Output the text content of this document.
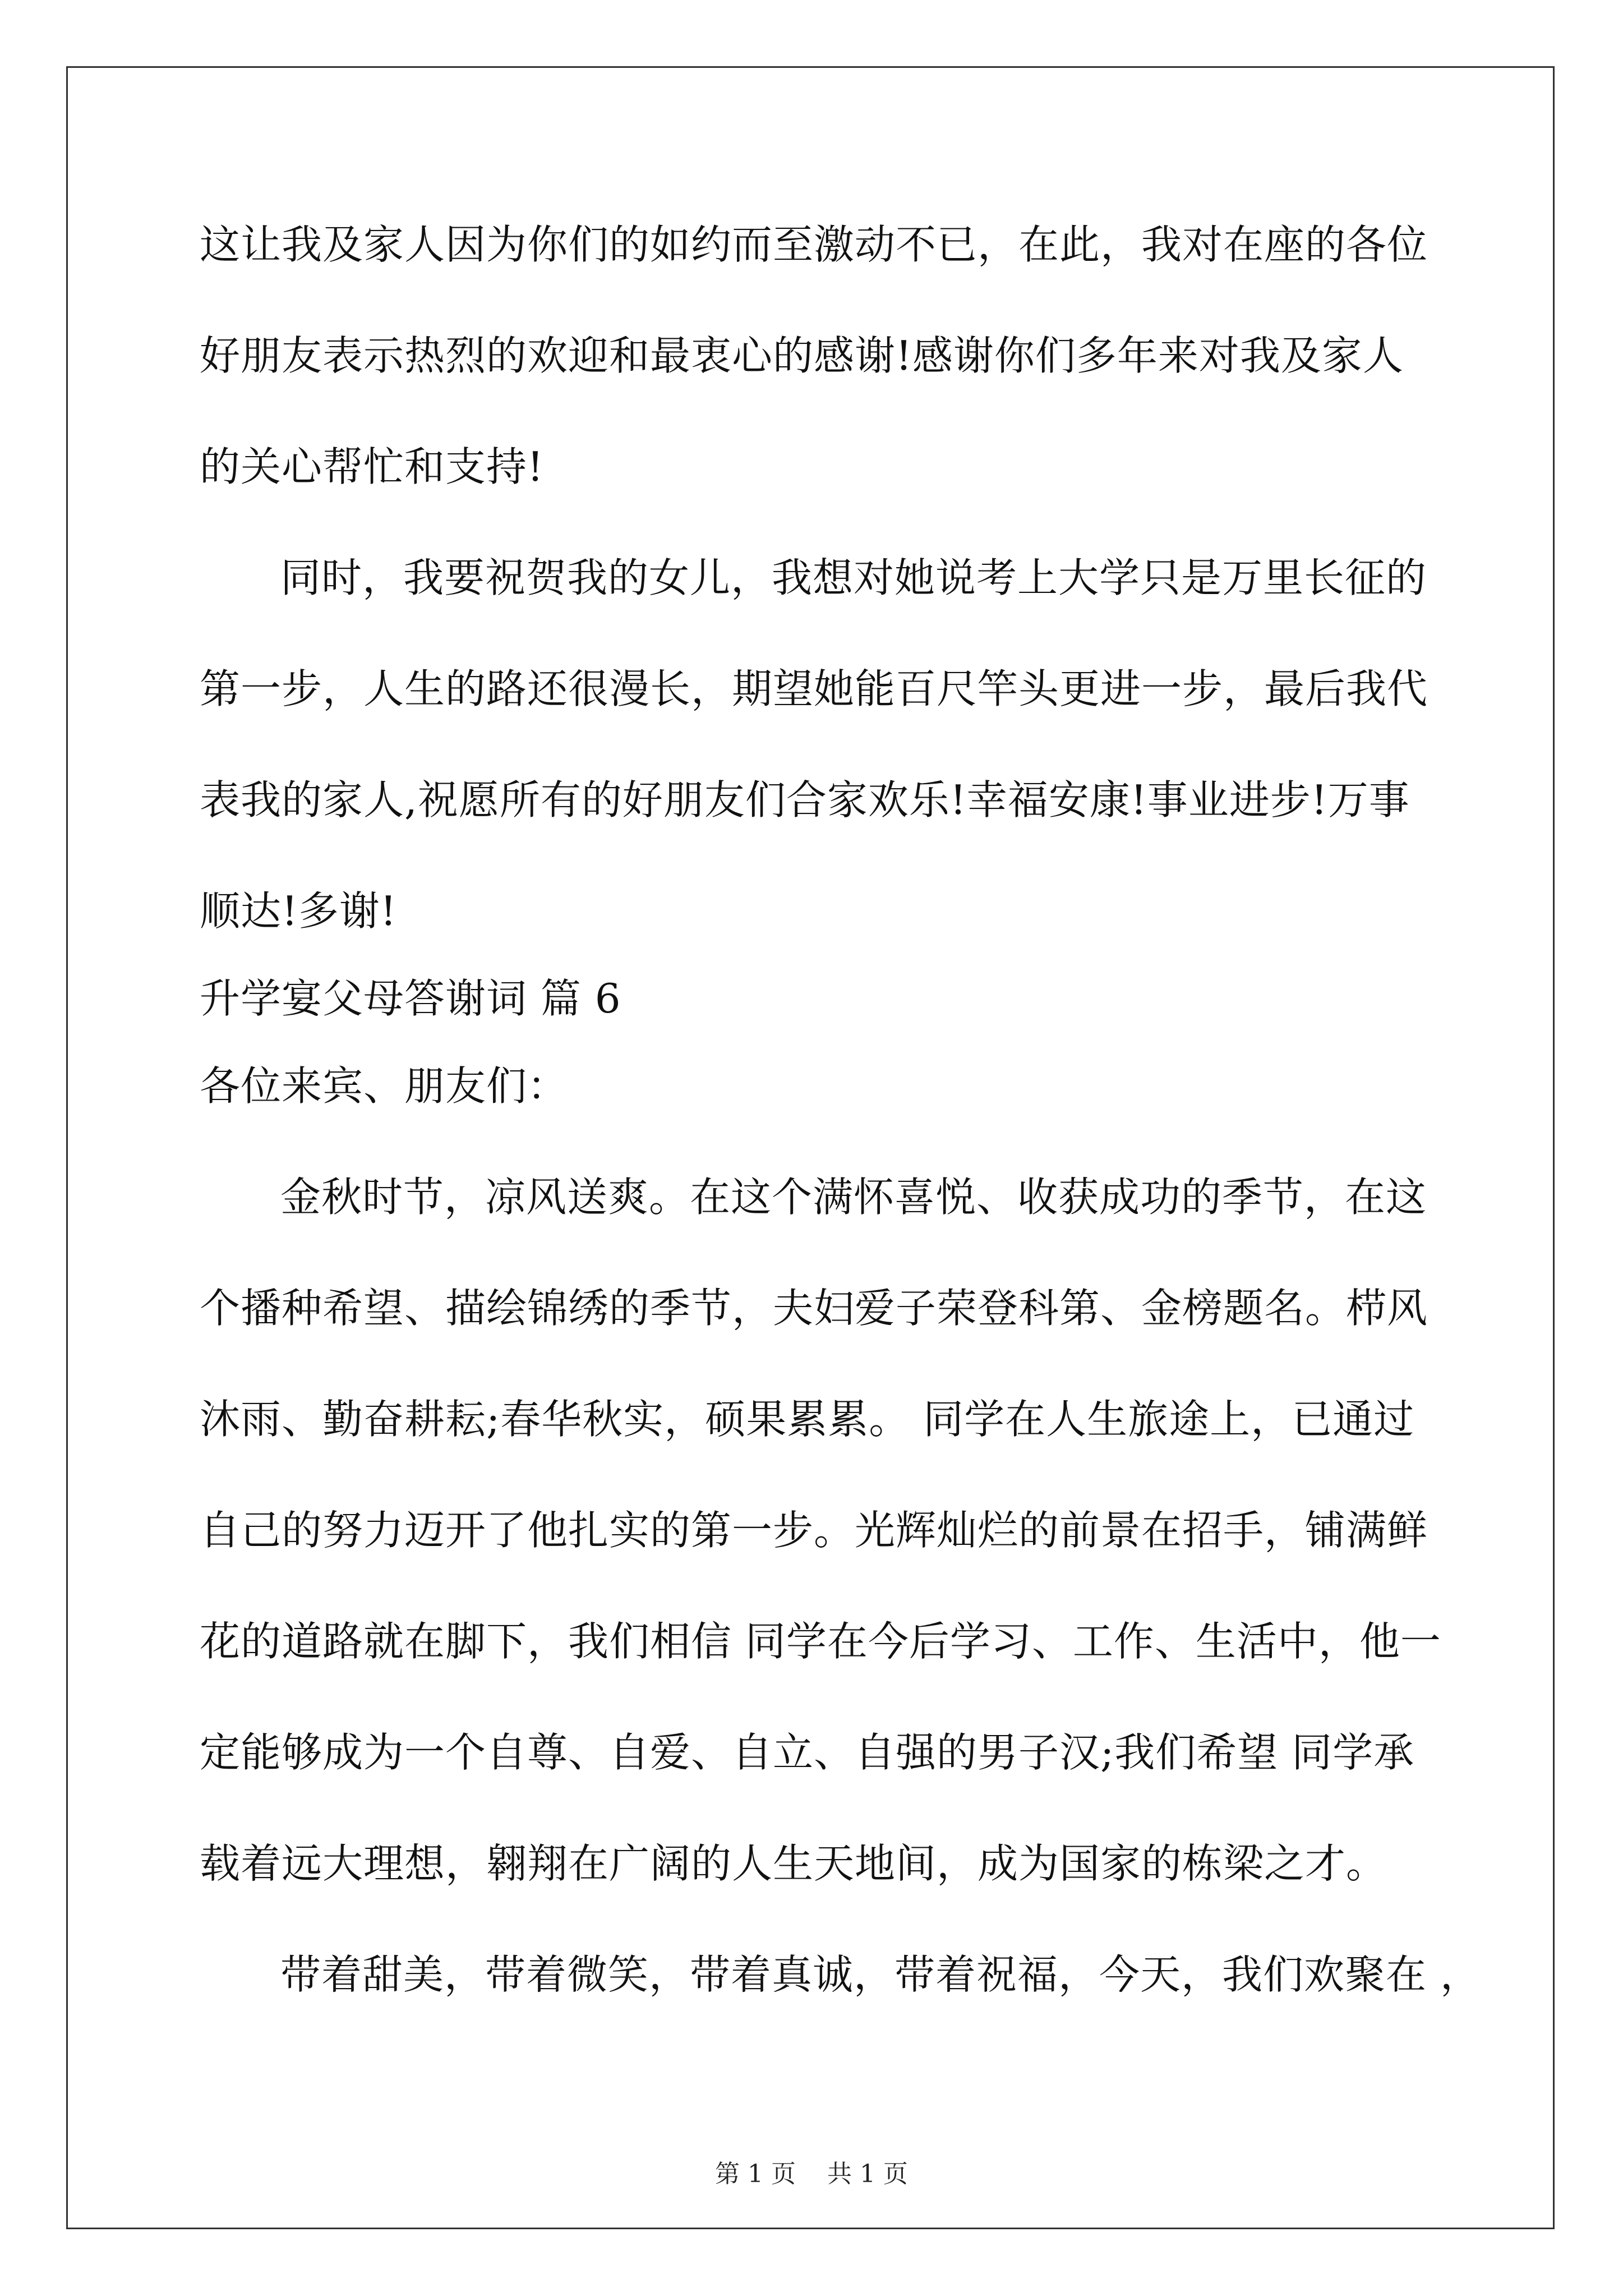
这让我及家人因为你们的如约而至激动不已，在此，我对在座的各位
好朋友表示热烈的欢迎和最衷心的感谢!感谢你们多年来对我及家人
的关心帮忙和支持!
同时，我要祝贺我的女儿，我想对她说考上大学只是万里长征的
第一步，人生的路还很漫长，期望她能百尺竿头更进一步，最后我代
表我的家人,祝愿所有的好朋友们合家欢乐!幸福安康!事业进步!万事
顺达!多谢!
升学宴父母答谢词 篇 6
各位来宾、朋友们：
金秋时节，凉风送爽。在这个满怀喜悦、收获成功的季节，在这
个播种希望、描绘锦绣的季节，夫妇爱子荣登科第、金榜题名。栉风
沐雨、勤奋耕耘;春华秋实，硕果累累。 同学在人生旅途上，已通过
自己的努力迈开了他扎实的第一步。光辉灿烂的前景在招手，铺满鲜
花的道路就在脚下，我们相信 同学在今后学习、工作、生活中，他一
定能够成为一个自尊、自爱、自立、自强的男子汉;我们希望 同学承
载着远大理想，翱翔在广阔的人生天地间，成为国家的栋梁之才。
带着甜美，带着微笑，带着真诚，带着祝福，今天，我们欢聚在 ，
第 1 页    共 1 页
